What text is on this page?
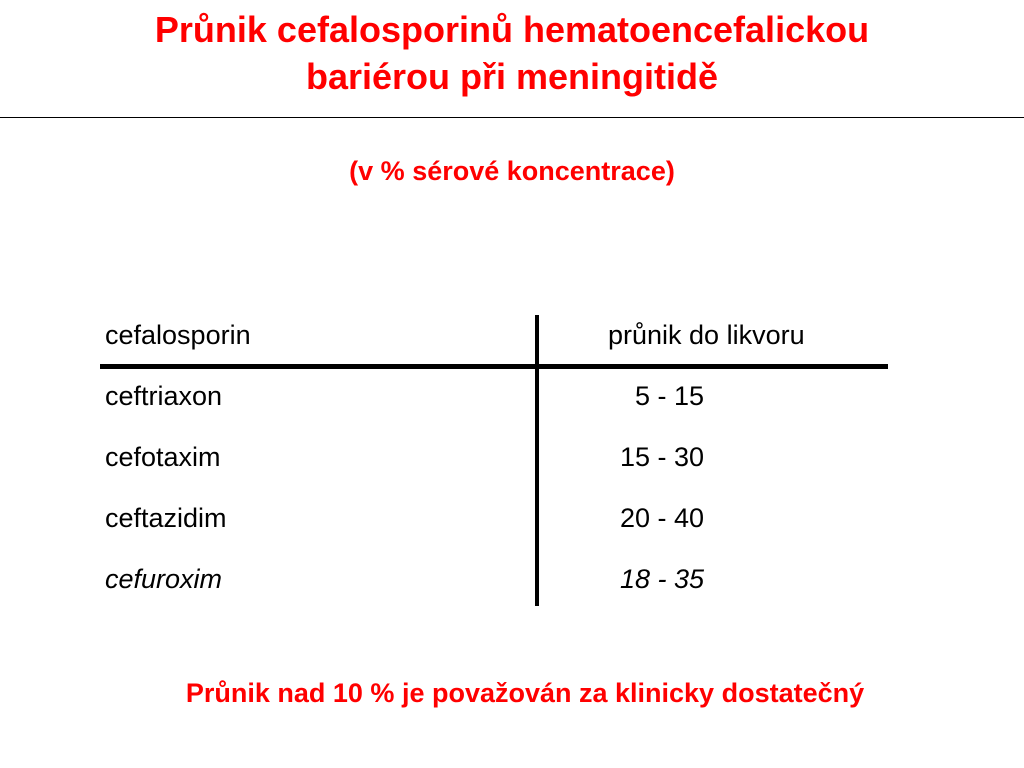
Průnik cefalosporinů hematoencefalickou
bariérou při meningitidě
(v % sérové koncentrace)
cefalosporin	průnik do likvoru
ceftriaxon	5 - 15
cefotaxim	15 - 30
ceftazidim	20 - 40
cefuroxim	18 - 35
Průnik nad 10 % je považován za klinicky dostatečný
